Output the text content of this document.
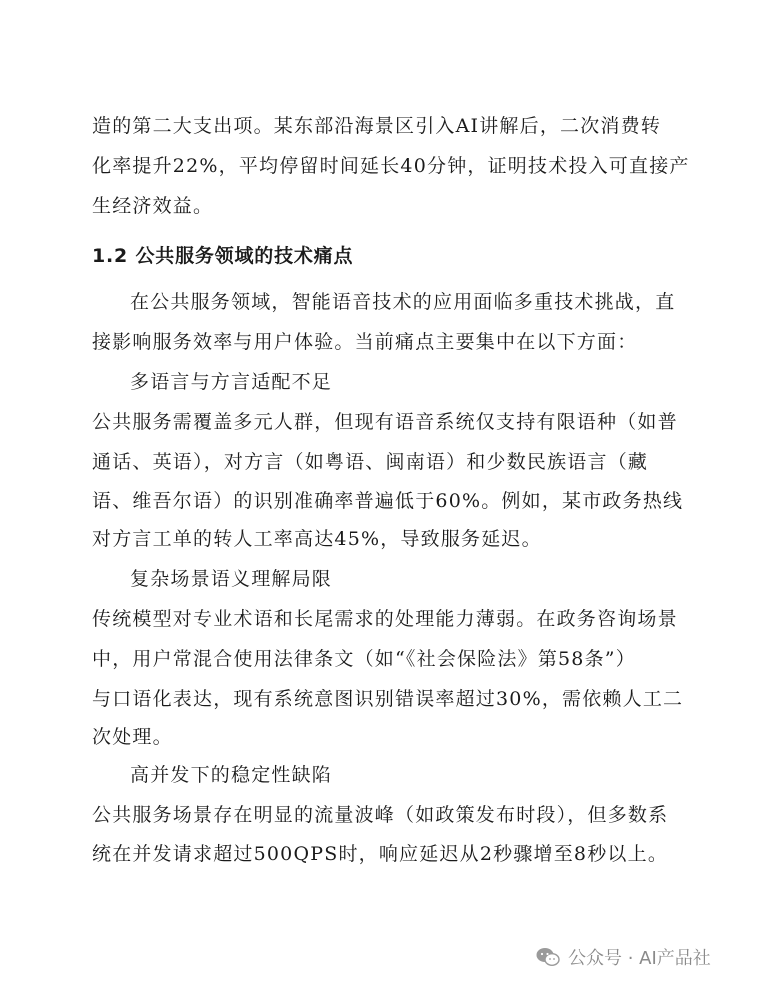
造的第二大支出项。某东部沿海景区引入AI讲解后，二次消费转
化率提升22%，平均停留时间延长40分钟，证明技术投入可直接产
生经济效益。
1.2 公共服务领域的技术痛点
在公共服务领域，智能语音技术的应用面临多重技术挑战，直
接影响服务效率与用户体验。当前痛点主要集中在以下方面：
多语言与方言适配不足
公共服务需覆盖多元人群，但现有语音系统仅支持有限语种（如普
通话、英语），对方言（如粤语、闽南语）和少数民族语言（藏
语、维吾尔语）的识别准确率普遍低于60%。例如，某市政务热线
对方言工单的转人工率高达45%，导致服务延迟。
复杂场景语义理解局限
传统模型对专业术语和长尾需求的处理能力薄弱。在政务咨询场景
中，用户常混合使用法律条文（如“《社会保险法》第58条”）
与口语化表达，现有系统意图识别错误率超过30%，需依赖人工二
次处理。
高并发下的稳定性缺陷
公共服务场景存在明显的流量波峰（如政策发布时段），但多数系
统在并发请求超过500QPS时，响应延迟从2秒骤增至8秒以上。
公众号 · AI产品社
